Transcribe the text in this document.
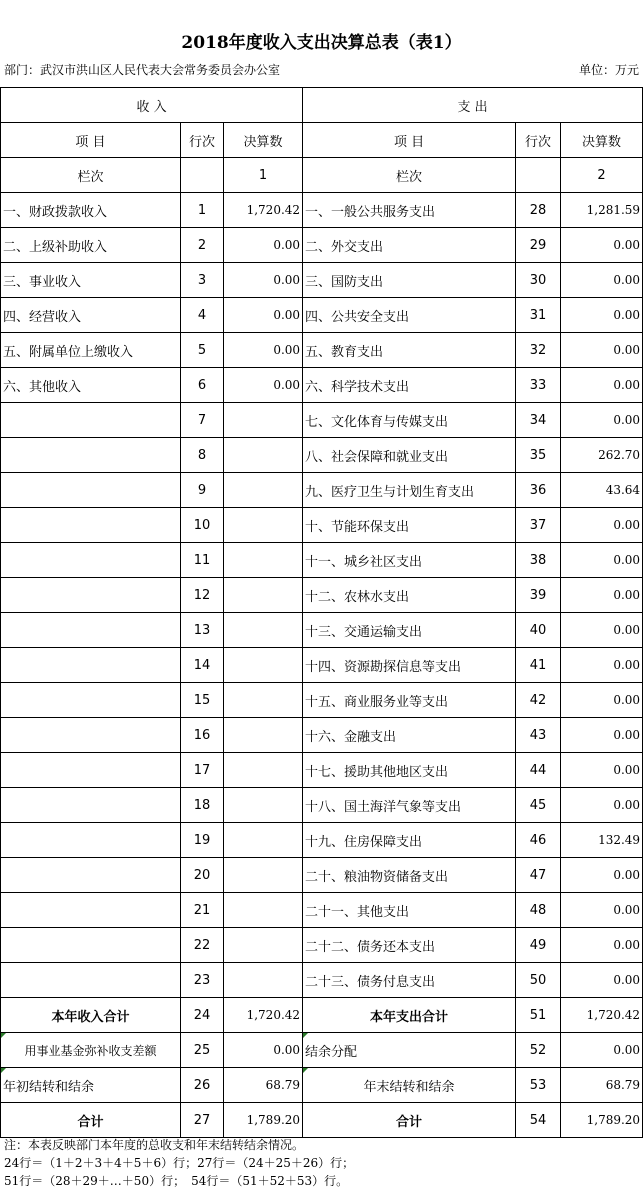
2018年度收入支出决算总表（表1）
部门：武汉市洪山区人民代表大会常务委员会办公室	单位：万元
收 入			支 出		
项 目	行次	决算数	项 目	行次	决算数
栏次		1	栏次		2
一、财政拨款收入	1	1,720.42	一、一般公共服务支出	28	1,281.59
二、上级补助收入	2	0.00	二、外交支出	29	0.00
三、事业收入	3	0.00	三、国防支出	30	0.00
四、经营收入	4	0.00	四、公共安全支出	31	0.00
五、附属单位上缴收入	5	0.00	五、教育支出	32	0.00
六、其他收入	6	0.00	六、科学技术支出	33	0.00
	7		七、文化体育与传媒支出	34	0.00
	8		八、社会保障和就业支出	35	262.70
	9		九、医疗卫生与计划生育支出	36	43.64
	10		十、节能环保支出	37	0.00
	11		十一、城乡社区支出	38	0.00
	12		十二、农林水支出	39	0.00
	13		十三、交通运输支出	40	0.00
	14		十四、资源勘探信息等支出	41	0.00
	15		十五、商业服务业等支出	42	0.00
	16		十六、金融支出	43	0.00
	17		十七、援助其他地区支出	44	0.00
	18		十八、国土海洋气象等支出	45	0.00
	19		十九、住房保障支出	46	132.49
	20		二十、粮油物资储备支出	47	0.00
	21		二十一、其他支出	48	0.00
	22		二十二、债务还本支出	49	0.00
	23		二十三、债务付息支出	50	0.00
本年收入合计	24	1,720.42	本年支出合计	51	1,720.42
用事业基金弥补收支差额	25	0.00	结余分配	52	0.00
年初结转和结余	26	68.79	年末结转和结余	53	68.79
合计	27	1,789.20	合计	54	1,789.20
注：本表反映部门本年度的总收支和年末结转结余情况。
24行＝（1＋2＋3＋4＋5＋6）行；27行＝（24＋25＋26）行；
51行＝（28＋29＋…＋50）行；　54行＝（51＋52＋53）行。
